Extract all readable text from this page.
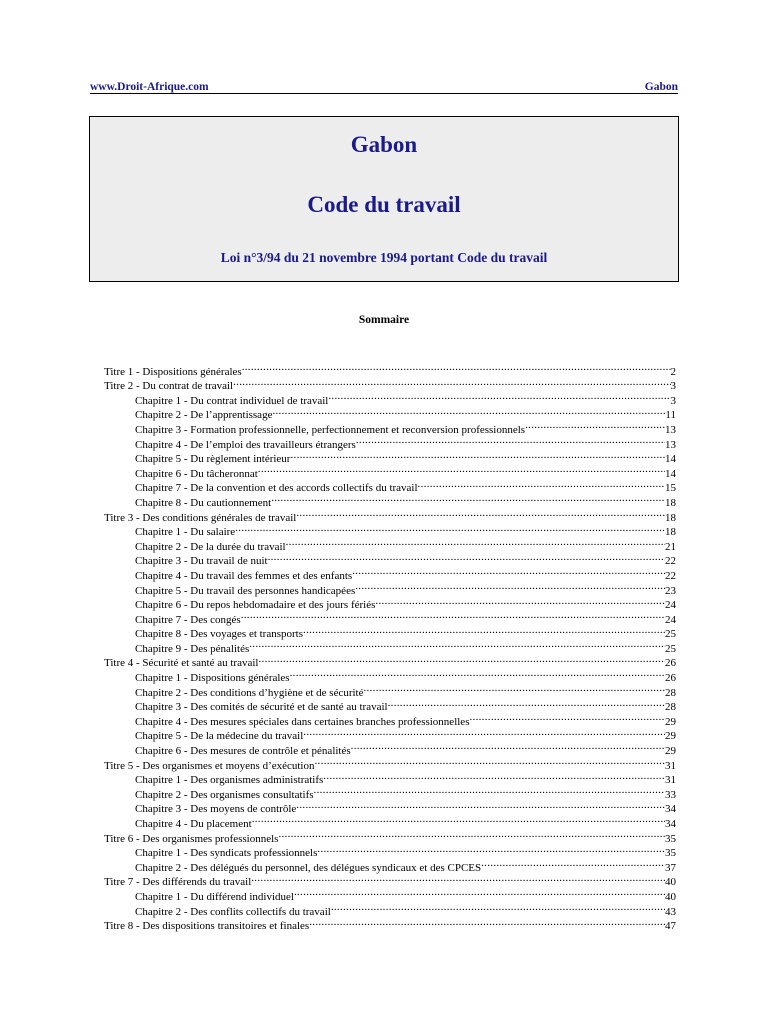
www.Droit-Afrique.com	Gabon
Gabon
Code du travail
Loi n°3/94 du 21 novembre 1994 portant Code du travail
Sommaire
Titre 1 - Dispositions générales .....	2
Titre 2 - Du contrat de travail .....	3
Chapitre 1 - Du contrat individuel de travail .....	3
Chapitre 2 - De l’apprentissage .....	11
Chapitre 3 - Formation professionnelle, perfectionnement et reconversion professionnels .....	13
Chapitre 4 - De l’emploi des travailleurs étrangers .....	13
Chapitre 5 - Du règlement intérieur .....	14
Chapitre 6 - Du tâcheronnat .....	14
Chapitre 7 - De la convention et des accords collectifs du travail .....	15
Chapitre 8 - Du cautionnement .....	18
Titre 3 - Des conditions générales de travail .....	18
Chapitre 1 - Du salaire .....	18
Chapitre 2 - De la durée du travail .....	21
Chapitre 3 - Du travail de nuit .....	22
Chapitre 4 - Du travail des femmes et des enfants .....	22
Chapitre 5 - Du travail des personnes handicapées .....	23
Chapitre 6 - Du repos hebdomadaire et des jours fériés .....	24
Chapitre 7 - Des congés .....	24
Chapitre 8 - Des voyages et transports .....	25
Chapitre 9 - Des pénalités .....	25
Titre 4 - Sécurité et santé au travail .....	26
Chapitre 1 - Dispositions générales .....	26
Chapitre 2 - Des conditions d’hygiène et de sécurité .....	28
Chapitre 3 - Des comités de sécurité et de santé au travail .....	28
Chapitre 4 - Des mesures spéciales dans certaines branches professionnelles .....	29
Chapitre 5 - De la médecine du travail .....	29
Chapitre 6 - Des mesures de contrôle et pénalités .....	29
Titre 5 - Des organismes et moyens d’exécution .....	31
Chapitre 1 - Des organismes administratifs .....	31
Chapitre 2 - Des organismes consultatifs .....	33
Chapitre 3 - Des moyens de contrôle .....	34
Chapitre 4 - Du placement .....	34
Titre 6 - Des organismes professionnels .....	35
Chapitre 1 - Des syndicats professionnels .....	35
Chapitre 2 - Des délégués du personnel, des délégues syndicaux et des CPCES .....	37
Titre 7 - Des différends du travail .....	40
Chapitre 1 - Du différend individuel .....	40
Chapitre 2 - Des conflits collectifs du travail .....	43
Titre 8 - Des dispositions transitoires et finales .....	47
